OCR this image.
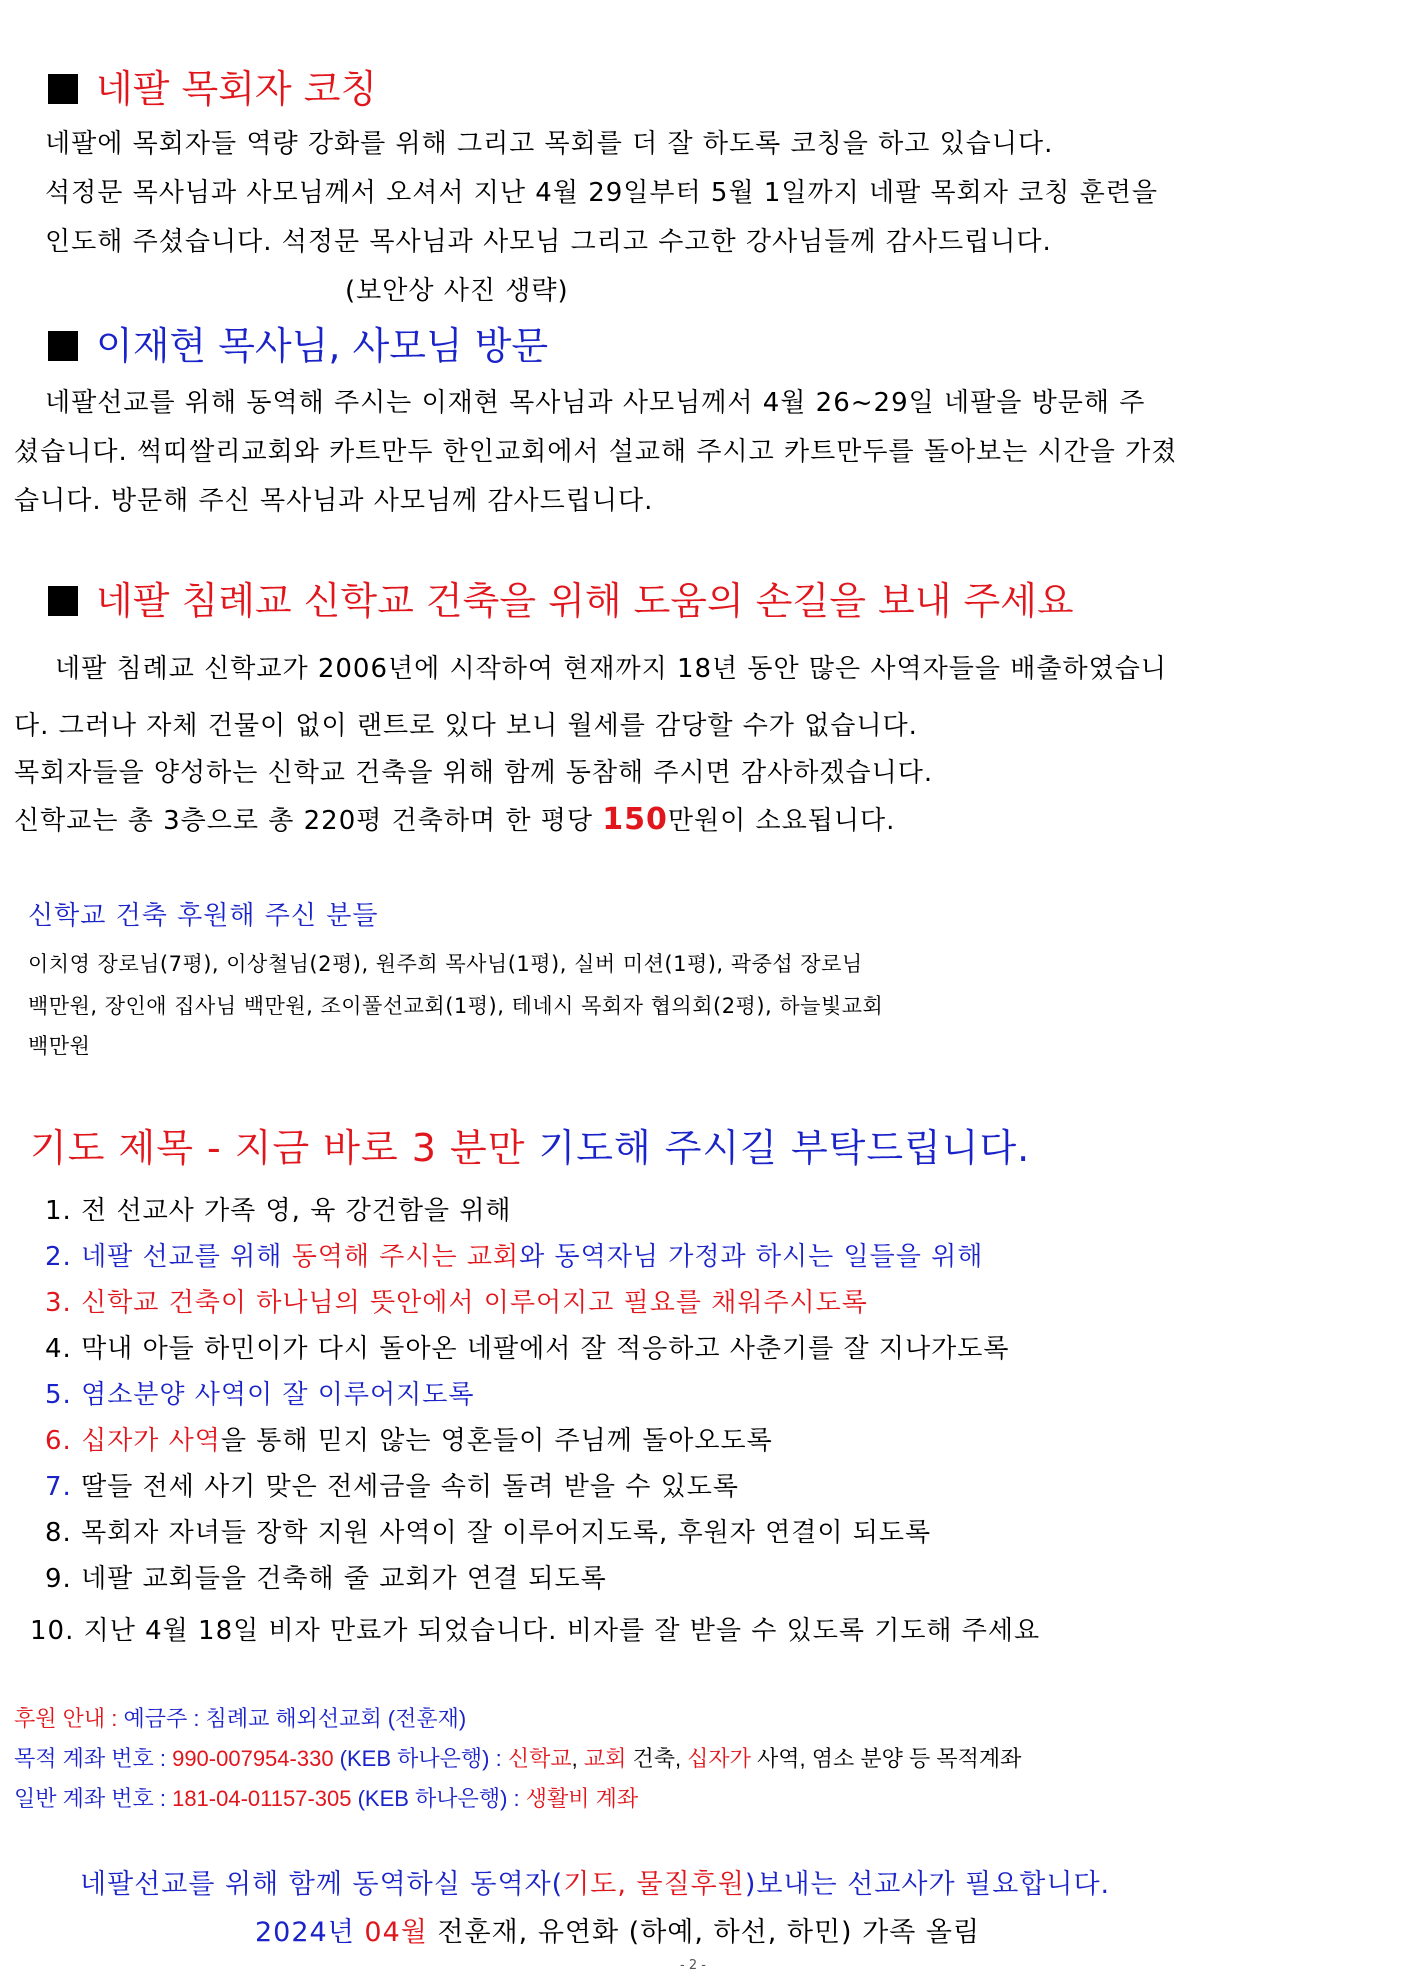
네팔 목회자 코칭
네팔에 목회자들 역량 강화를 위해 그리고 목회를 더 잘 하도록 코칭을 하고 있습니다.
석정문 목사님과 사모님께서 오셔서 지난 4월 29일부터 5월 1일까지 네팔 목회자 코칭 훈련을
인도해 주셨습니다. 석정문 목사님과 사모님 그리고 수고한 강사님들께 감사드립니다.
(보안상 사진 생략)
이재현 목사님, 사모님 방문
네팔선교를 위해 동역해 주시는 이재현 목사님과 사모님께서 4월 26~29일 네팔을 방문해 주
셨습니다. 썩띠쌀리교회와 카트만두 한인교회에서 설교해 주시고 카트만두를 돌아보는 시간을 가졌
습니다. 방문해 주신 목사님과 사모님께 감사드립니다.
네팔 침례교 신학교 건축을 위해 도움의 손길을 보내 주세요
네팔 침례교 신학교가 2006년에 시작하여 현재까지 18년 동안 많은 사역자들을 배출하였습니
다. 그러나 자체 건물이 없이 랜트로 있다 보니 월세를 감당할 수가 없습니다.
목회자들을 양성하는 신학교 건축을 위해 함께 동참해 주시면 감사하겠습니다.
신학교는 총 3층으로 총 220평 건축하며 한 평당 150만원이 소요됩니다.
신학교 건축 후원해 주신 분들
이치영 장로님(7평), 이상철님(2평), 원주희 목사님(1평), 실버 미션(1평), 곽중섭 장로님
백만원, 장인애 집사님 백만원, 조이풀선교회(1평), 테네시 목회자 협의회(2평), 하늘빛교회
백만원
기도 제목 - 지금 바로 3 분만 기도해 주시길 부탁드립니다.
1. 전 선교사 가족 영, 육 강건함을 위해
2. 네팔 선교를 위해 동역해 주시는 교회와 동역자님 가정과 하시는 일들을 위해
3. 신학교 건축이 하나님의 뜻안에서 이루어지고 필요를 채워주시도록
4. 막내 아들 하민이가 다시 돌아온 네팔에서 잘 적응하고 사춘기를 잘 지나가도록
5. 염소분양 사역이 잘 이루어지도록
6. 십자가 사역을 통해 믿지 않는 영혼들이 주님께 돌아오도록
7. 딸들 전세 사기 맞은 전세금을 속히 돌려 받을 수 있도록
8. 목회자 자녀들 장학 지원 사역이 잘 이루어지도록, 후원자 연결이 되도록
9. 네팔 교회들을 건축해 줄 교회가 연결 되도록
10. 지난 4월 18일 비자 만료가 되었습니다. 비자를 잘 받을 수 있도록 기도해 주세요
후원 안내 : 예금주 : 침례교 해외선교회 (전훈재)
목적 계좌 번호 : 990-007954-330 (KEB 하나은행) : 신학교, 교회 건축, 십자가 사역, 염소 분양 등 목적계좌
일반 계좌 번호 : 181-04-01157-305 (KEB 하나은행) : 생활비 계좌
네팔선교를 위해 함께 동역하실 동역자(기도, 물질후원)보내는 선교사가 필요합니다.
2024년 04월 전훈재, 유연화 (하예, 하선, 하민) 가족 올림
- 2 -
